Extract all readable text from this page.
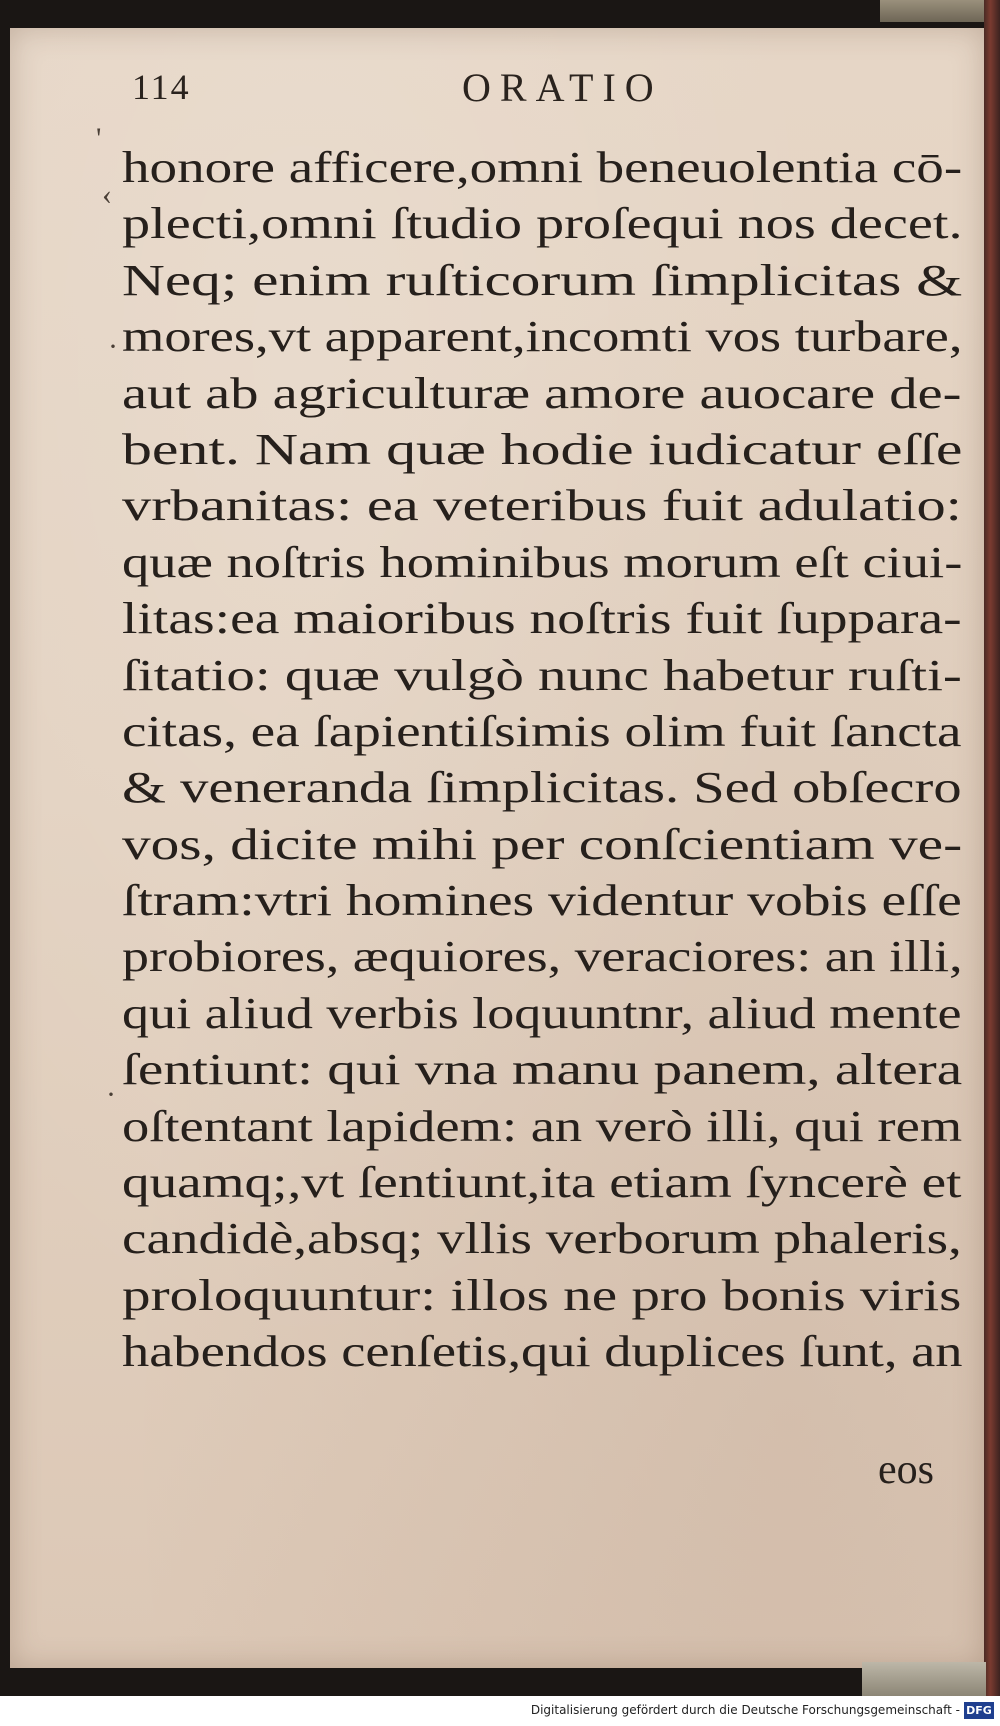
114	ORATIO
'
‹
·
·
honore afficere,omni beneuolentia cō-
plecti,omni ſtudio proſequi nos decet.
Neq; enim ruſticorum ſimplicitas &
mores,vt apparent,incomti vos turbare,
aut ab agriculturæ amore auocare de-
bent. Nam quæ hodie iudicatur eſſe
vrbanitas: ea veteribus fuit adulatio:
quæ noſtris hominibus morum eſt ciui-
litas:ea maioribus noſtris fuit ſuppara-
ſitatio: quæ vulgò nunc habetur ruſti-
citas, ea ſapientiſsimis olim fuit ſancta
& veneranda ſimplicitas. Sed obſecro
vos, dicite mihi per conſcientiam ve-
ſtram:vtri homines videntur vobis eſſe
probiores, æquiores, veraciores: an illi,
qui aliud verbis loquuntnr, aliud mente
ſentiunt: qui vna manu panem, altera
oſtentant lapidem: an verò illi, qui rem
quamq;,vt ſentiunt,ita etiam ſyncerè et
candidè,absq; vllis verborum phaleris,
proloquuntur: illos ne pro bonis viris
habendos cenſetis,qui duplices ſunt, an
eos
Digitalisierung gefördert durch die Deutsche Forschungsgemeinschaft - DFG
